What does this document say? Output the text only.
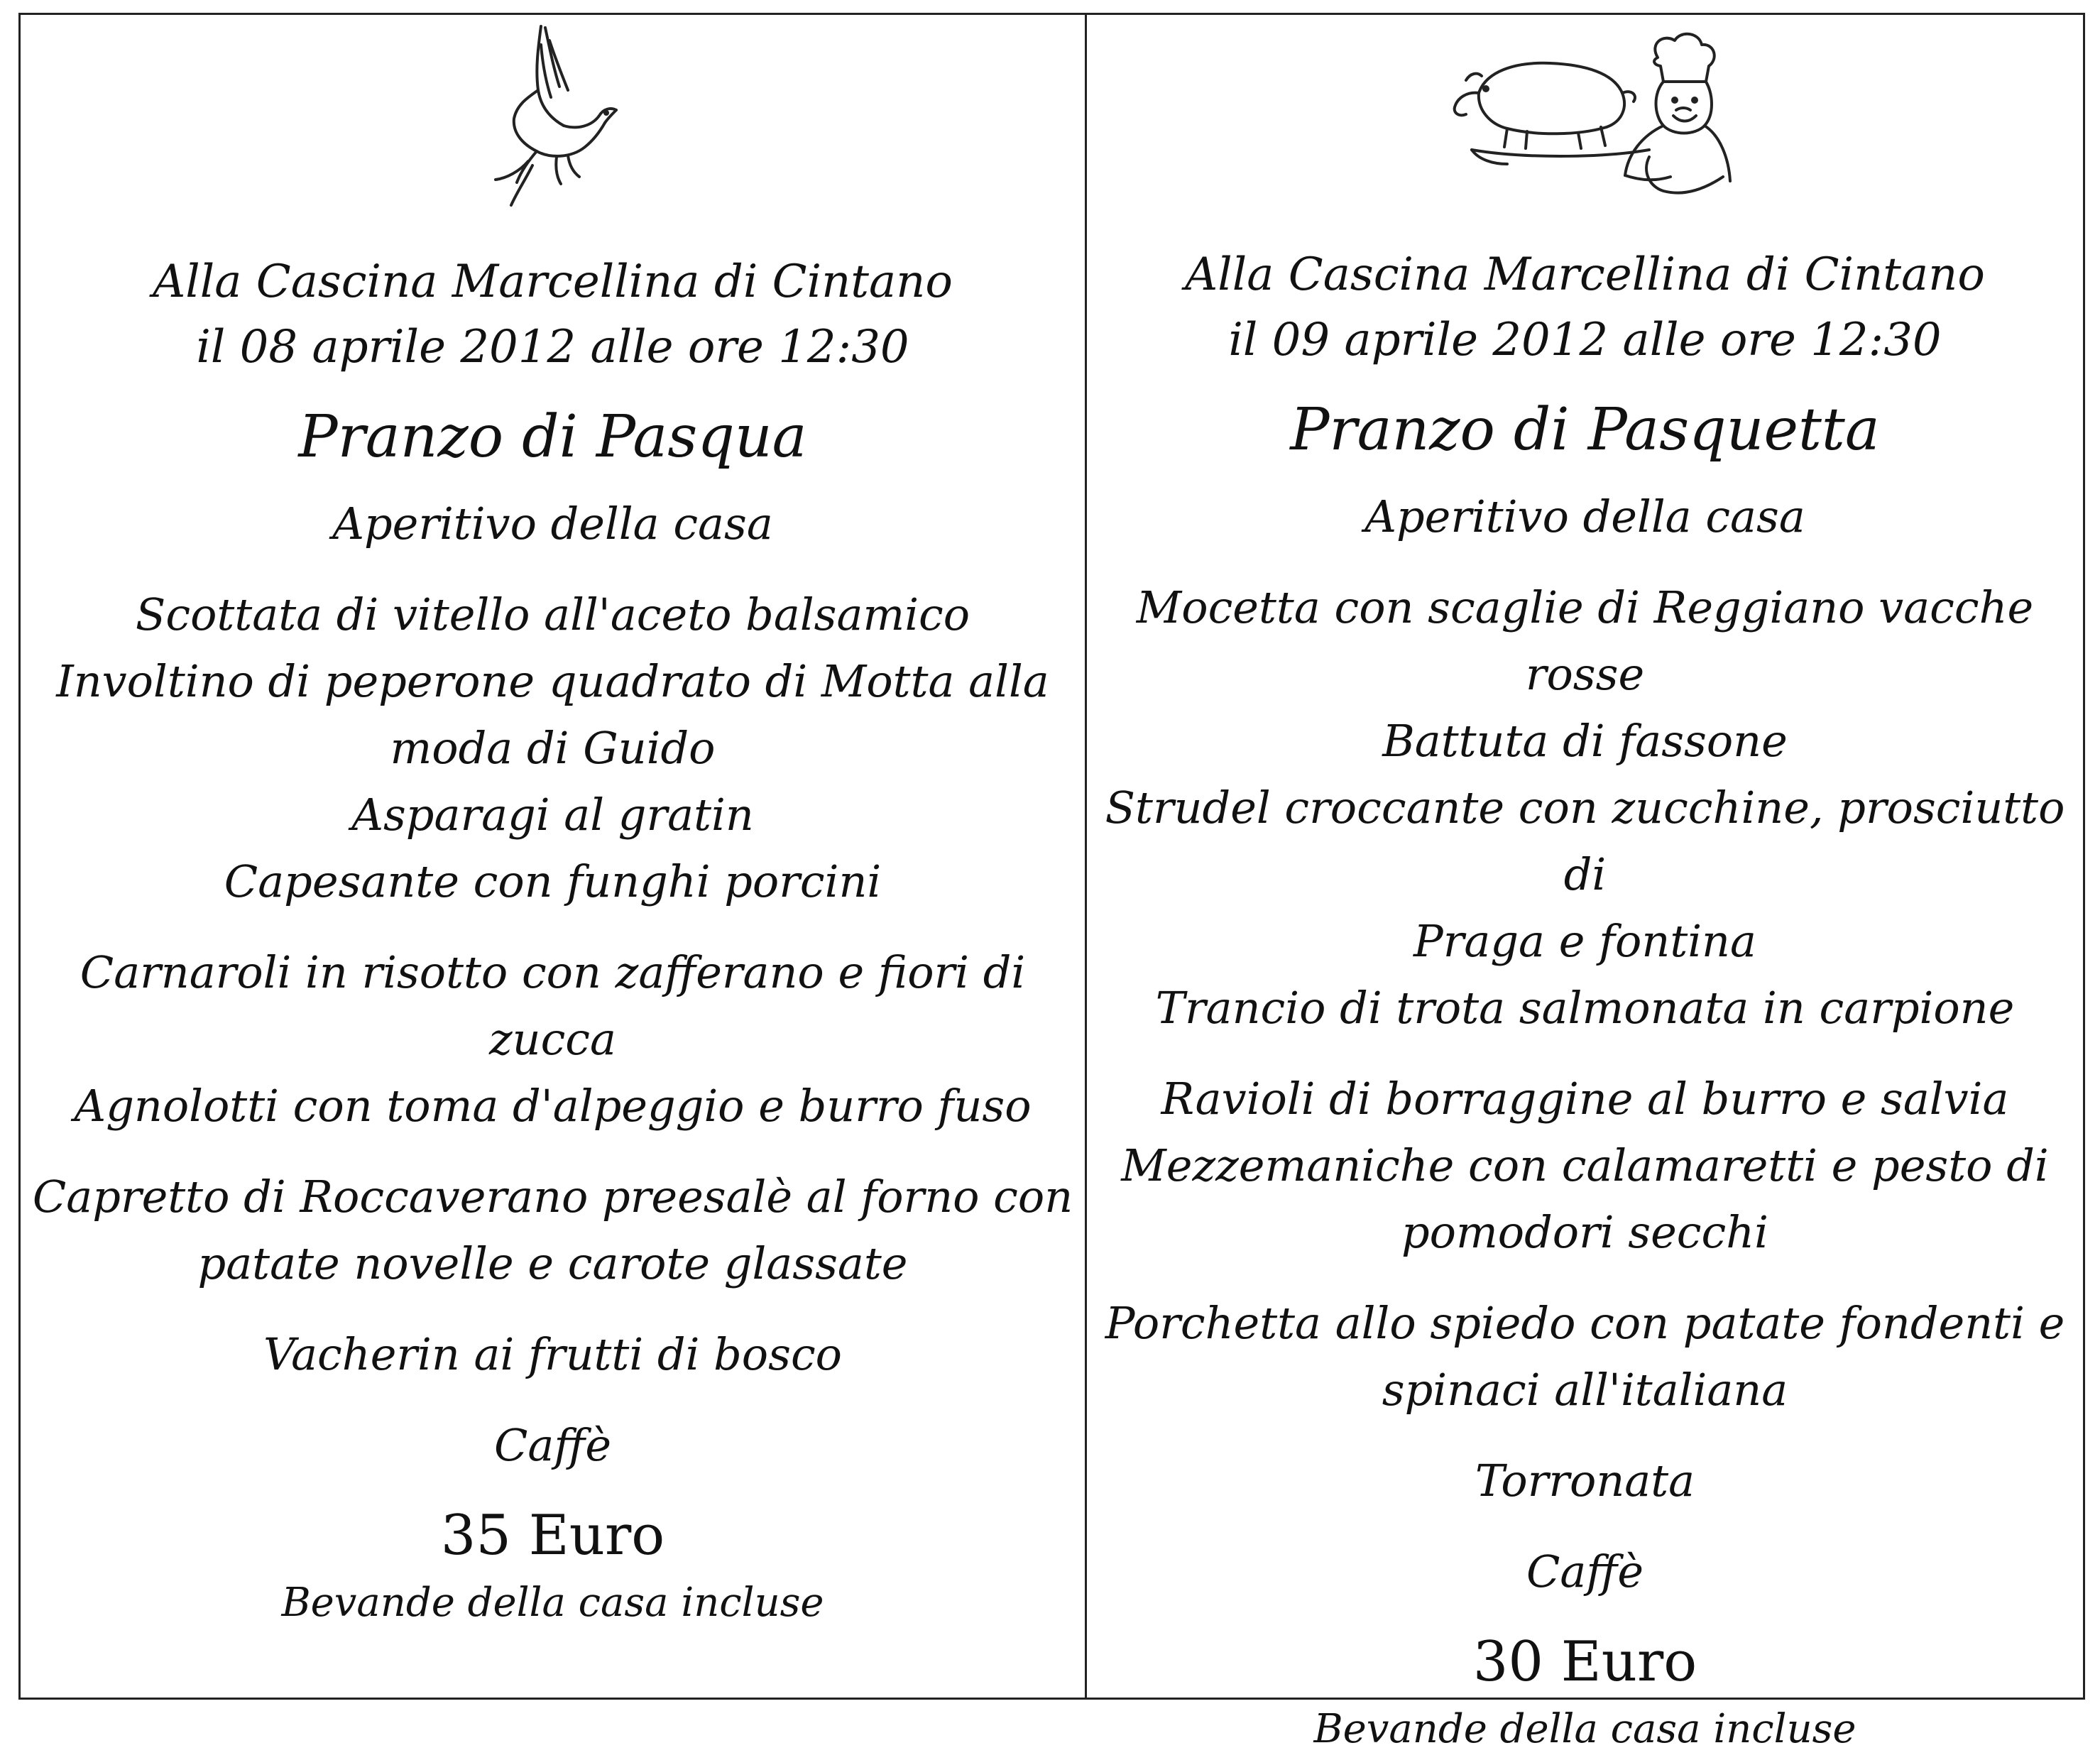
Alla Cascina Marcellina di Cintano

il 08 aprile 2012 alle ore 12:30

Pranzo di Pasqua

Aperitivo della casa

Scottata di vitello all'aceto balsamico

Involtino di peperone quadrato di Motta alla

moda di Guido

Asparagi al gratin

Capesante con funghi porcini

Carnaroli in risotto con zafferano e fiori di zucca

Agnolotti con toma d'alpeggio e burro fuso

Capretto di Roccaverano preesalè al forno con

patate novelle e carote glassate

Vacherin ai frutti di bosco

Caffè

35 Euro

Bevande della casa incluse

Alla Cascina Marcellina di Cintano

il 09 aprile 2012 alle ore 12:30

Pranzo di Pasquetta

Aperitivo della casa

Mocetta con scaglie di Reggiano vacche rosse

Battuta di fassone

Strudel croccante con zucchine, prosciutto di

Praga e fontina

Trancio di trota salmonata in carpione

Ravioli di borraggine al burro e salvia

Mezzemaniche con calamaretti e pesto di

pomodori secchi

Porchetta allo spiedo con patate fondenti e

spinaci all'italiana

Torronata

Caffè

30 Euro

Bevande della casa incluse
